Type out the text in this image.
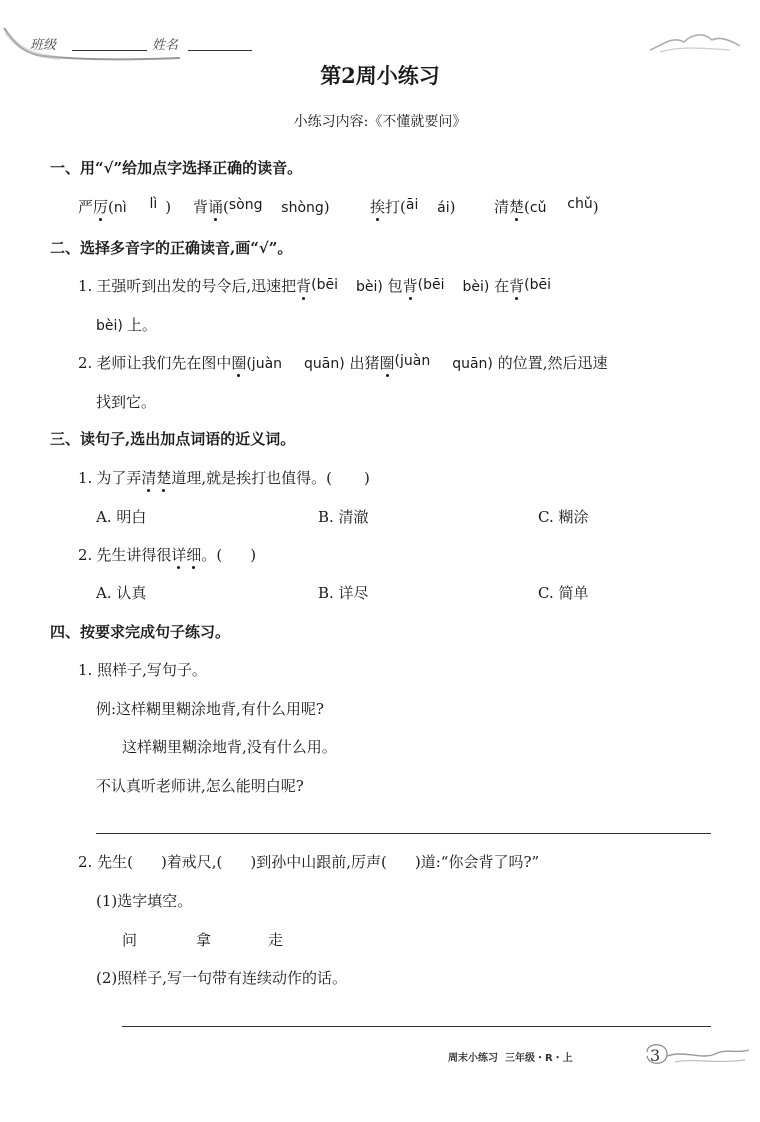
班级	姓名
第2周小练习
小练习内容:《不懂就要问》
一、用“√”给加点字选择正确的读音。
严厉(nì lì ) 背诵(sòng shòng)	挨打(āi ái)	清楚(cǔ chǔ)
二、选择多音字的正确读音,画“√”。
1. 王强听到出发的号令后,迅速把背(bēi bèi) 包背(bēi bèi) 在背(bēi
bèi) 上。
2. 老师让我们先在图中圈(juàn quān) 出猪圈(juàn quān) 的位置,然后迅速
找到它。
三、读句子,选出加点词语的近义词。
1. 为了弄清楚道理,就是挨打也值得。( )
A. 明白	B. 清澈	C. 糊涂
2. 先生讲得很详细。( )
A. 认真	B. 详尽	C. 简单
四、按要求完成句子练习。
1. 照样子,写句子。
例:这样糊里糊涂地背,有什么用呢?
这样糊里糊涂地背,没有什么用。
不认真听老师讲,怎么能明白呢?
2. 先生( )着戒尺,( )到孙中山跟前,厉声( )道:“你会背了吗?”
(1)选字填空。
问	拿	走
(2)照样子,写一句带有连续动作的话。
周末小练习  三年级・R・上	3
